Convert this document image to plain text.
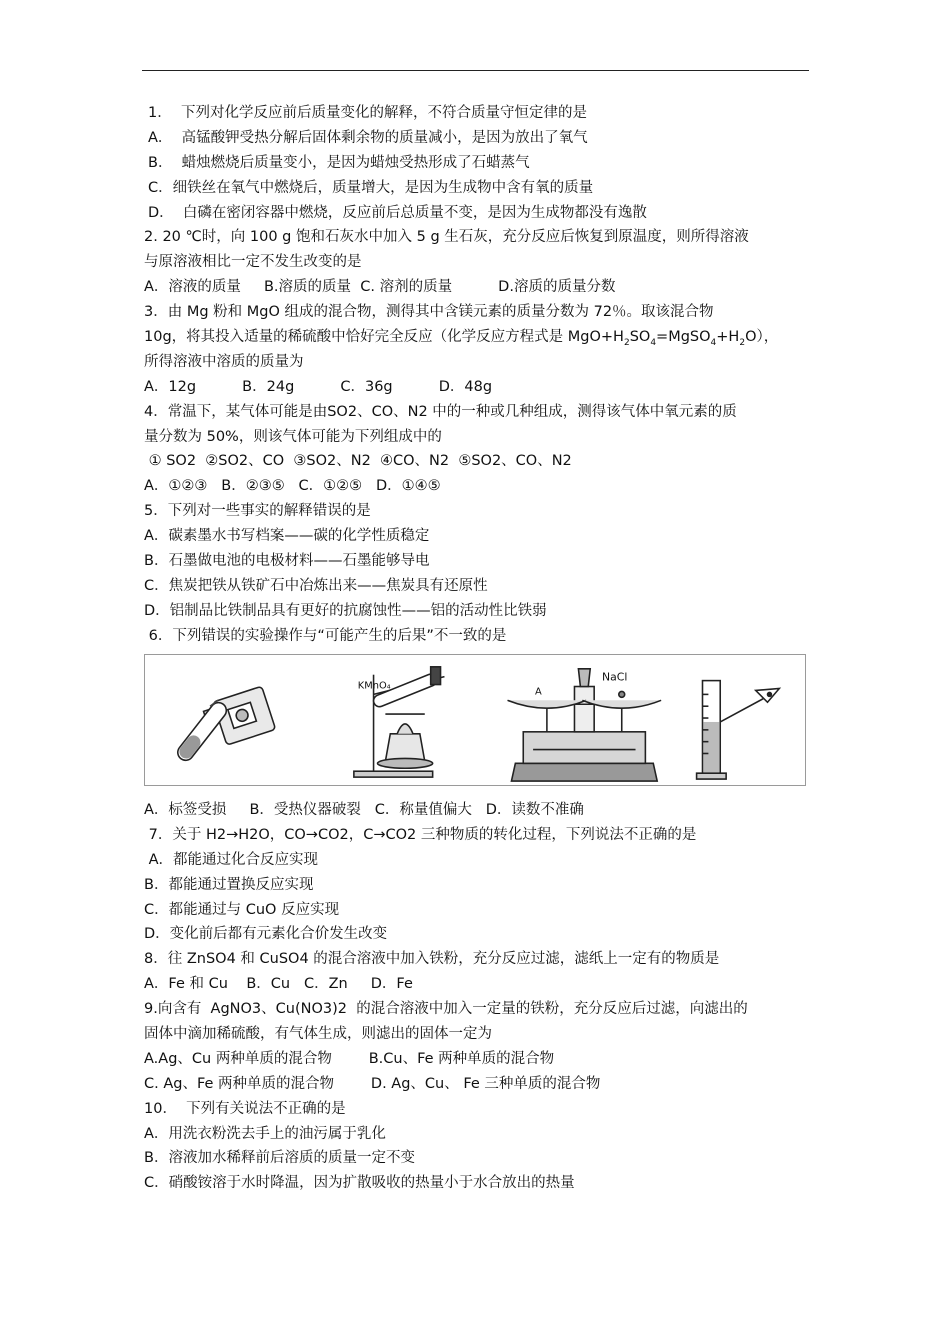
1．  下列对化学反应前后质量变化的解释，不符合质量守恒定律的是
A．  高锰酸钾受热分解后固体剩余物的质量减小，是因为放出了氧气
B．  蜡烛燃烧后质量变小，是因为蜡烛受热形成了石蜡蒸气
C．细铁丝在氧气中燃烧后，质量增大，是因为生成物中含有氧的质量
D．  白磷在密闭容器中燃烧，反应前后总质量不变，是因为生成物都没有逸散
2. 20 ℃时，向 100 g 饱和石灰水中加入 5 g 生石灰，充分反应后恢复到原温度，则所得溶液
与原溶液相比一定不发生改变的是
A．溶液的质量     B.溶质的质量  C. 溶剂的质量          D.溶质的质量分数
3．由 Mg 粉和 MgO 组成的混合物，测得其中含镁元素的质量分数为 72％。取该混合物
10g，将其投入适量的稀硫酸中恰好完全反应（化学反应方程式是 $MgO+H_2SO_4=MgSO_4+H_2O$），
所得溶液中溶质的质量为
A．12g          B．24g          C．36g          D．48g
4．常温下，某气体可能是由SO2、CO、N2 中的一种或几种组成，测得该气体中氧元素的质
量分数为 50%，则该气体可能为下列组成中的
① SO2  ②SO2、CO  ③SO2、N2  ④CO、N2  ⑤SO2、CO、N2
A．①②③   B．②③⑤   C．①②⑤   D．①④⑤
5．下列对一些事实的解释错误的是
A．碳素墨水书写档案——碳的化学性质稳定
B．石墨做电池的电极材料——石墨能够导电
C．焦炭把铁从铁矿石中冶炼出来——焦炭具有还原性
D．铝制品比铁制品具有更好的抗腐蚀性——铝的活动性比铁弱
6．下列错误的实验操作与“可能产生的后果”不一致的是
KMnO₄
NaCl
A
A．标签受损     B．受热仪器破裂   C．称量值偏大   D．读数不准确
7．关于 H2→H2O，CO→CO2，C→CO2 三种物质的转化过程，下列说法不正确的是
A．都能通过化合反应实现
B．都能通过置换反应实现
C．都能通过与 CuO 反应实现
D．变化前后都有元素化合价发生改变
8．往 ZnSO4 和 CuSO4 的混合溶液中加入铁粉，充分反应过滤，滤纸上一定有的物质是
A．Fe 和 Cu    B．Cu   C．Zn     D．Fe
9.向含有  AgNO3、Cu(NO3)2  的混合溶液中加入一定量的铁粉，充分反应后过滤，向滤出的
固体中滴加稀硫酸，有气体生成，则滤出的固体一定为
A.Ag、Cu 两种单质的混合物        B.Cu、Fe 两种单质的混合物
C. Ag、Fe 两种单质的混合物        D. Ag、Cu、 Fe 三种单质的混合物
10．  下列有关说法不正确的是
A．用洗衣粉洗去手上的油污属于乳化
B．溶液加水稀释前后溶质的质量一定不变
C．硝酸铵溶于水时降温，因为扩散吸收的热量小于水合放出的热量
